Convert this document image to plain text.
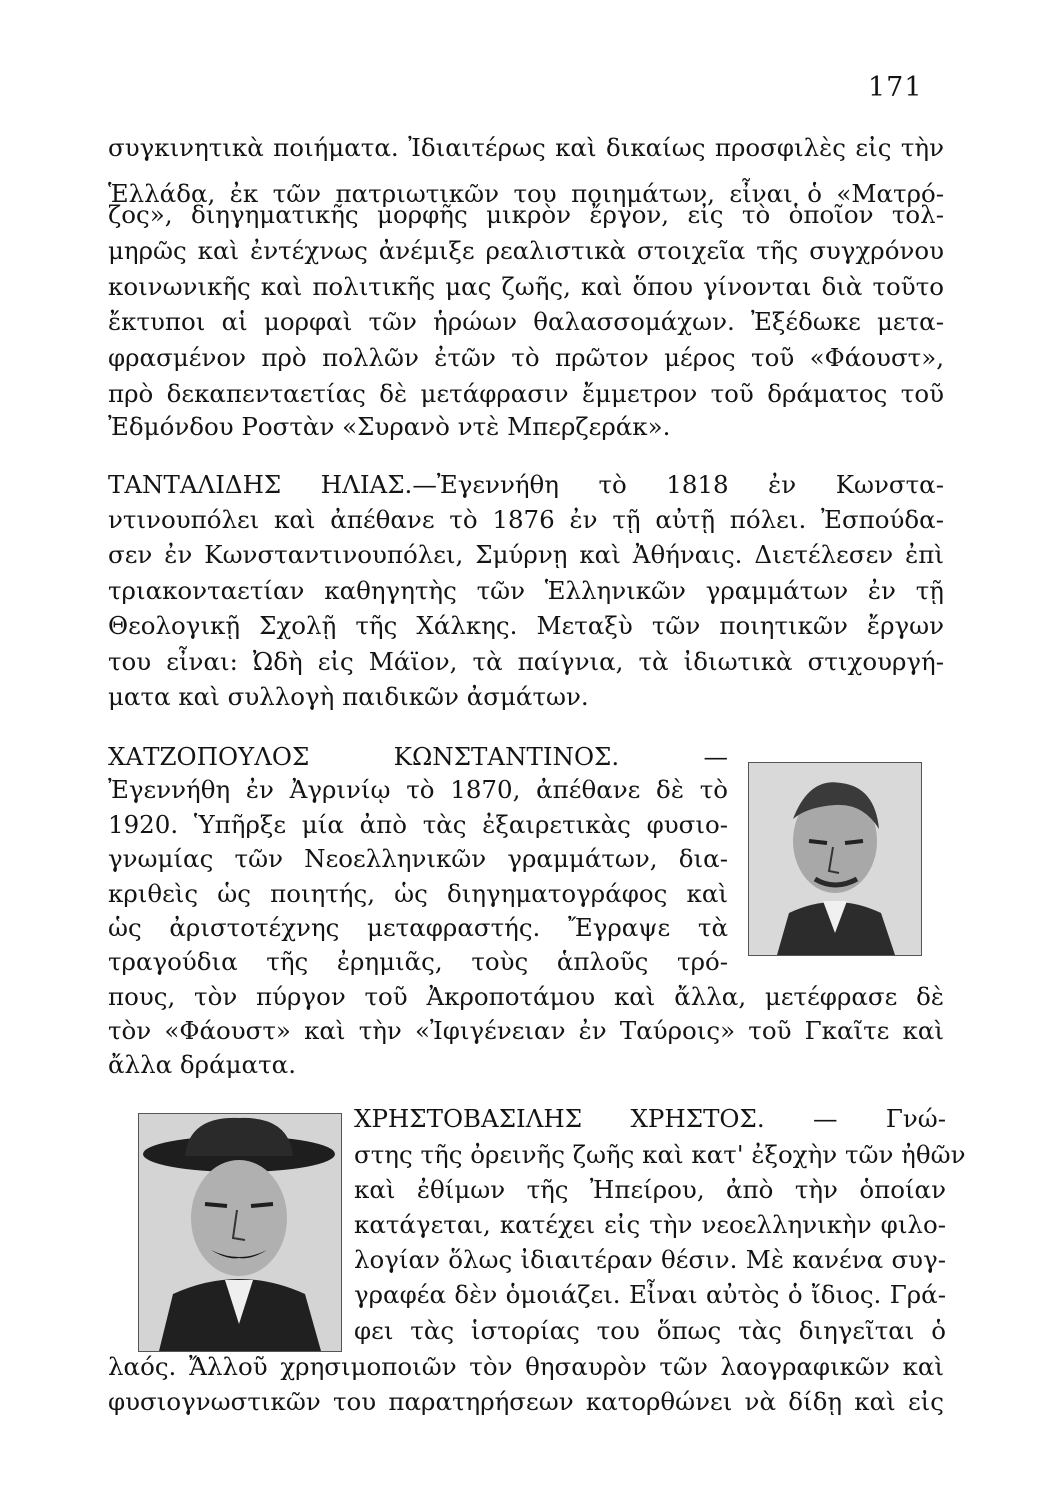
171
συγκινητικὰ ποιήματα. Ἰδιαιτέρως καὶ δικαίως προσφιλὲς εἰς τὴν
Ἑλλάδα, ἐκ τῶν πατριωτικῶν του ποιημάτων, εἶναι ὁ «Ματρό-
ζος», διηγηματικῆς μορφῆς μικρὸν ἔργον, εἰς τὸ ὁποῖον τολ-
μηρῶς καὶ ἐντέχνως ἀνέμιξε ρεαλιστικὰ στοιχεῖα τῆς συγχρόνου
κοινωνικῆς καὶ πολιτικῆς μας ζωῆς, καὶ ὅπου γίνονται διὰ τοῦτο
ἔκτυποι αἱ μορφαὶ τῶν ἡρώων θαλασσομάχων. Ἐξέδωκε μετα-
φρασμένον πρὸ πολλῶν ἐτῶν τὸ πρῶτον μέρος τοῦ «Φάουστ»,
πρὸ δεκαπενταετίας δὲ μετάφρασιν ἔμμετρον τοῦ δράματος τοῦ
Ἐδμόνδου Ροστὰν «Συρανὸ ντὲ Μπερζεράκ».
ΤΑΝΤΑΛΙΔΗΣ ΗΛΙΑΣ.—Ἐγεννήθη τὸ 1818 ἐν Κωνστα-
ντινουπόλει καὶ ἀπέθανε τὸ 1876 ἐν τῇ αὐτῇ πόλει. Ἐσπούδα-
σεν ἐν Κωνσταντινουπόλει, Σμύρνῃ καὶ Ἀθήναις. Διετέλεσεν ἐπὶ
τριακονταετίαν καθηγητὴς τῶν Ἑλληνικῶν γραμμάτων ἐν τῇ
Θεολογικῇ Σχολῇ τῆς Χάλκης. Μεταξὺ τῶν ποιητικῶν ἔργων
του εἶναι: Ὠδὴ εἰς Μάϊον, τὰ παίγνια, τὰ ἰδιωτικὰ στιχουργή-
ματα καὶ συλλογὴ παιδικῶν ἀσμάτων.
ΧΑΤΖΟΠΟΥΛΟΣ ΚΩΝΣΤΑΝΤΙΝΟΣ. —
Ἐγεννήθη ἐν Ἀγρινίῳ τὸ 1870, ἀπέθανε δὲ τὸ
1920. Ὑπῆρξε μία ἀπὸ τὰς ἐξαιρετικὰς φυσιο-
γνωμίας τῶν Νεοελληνικῶν γραμμάτων, δια-
κριθεὶς ὡς ποιητής, ὡς διηγηματογράφος καὶ
ὡς ἀριστοτέχνης μεταφραστής. Ἔγραψε τὰ
τραγούδια τῆς ἐρημιᾶς, τοὺς ἁπλοῦς τρό-
πους, τὸν πύργον τοῦ Ἀκροποτάμου καὶ ἄλλα, μετέφρασε δὲ
τὸν «Φάουστ» καὶ τὴν «Ἰφιγένειαν ἐν Ταύροις» τοῦ Γκαῖτε καὶ
ἄλλα δράματα.
ΧΡΗΣΤΟΒΑΣΙΛΗΣ ΧΡΗΣΤΟΣ. — Γνώ-
στης τῆς ὀρεινῆς ζωῆς καὶ κατ' ἐξοχὴν τῶν ἠθῶν
καὶ ἐθίμων τῆς Ἠπείρου, ἀπὸ τὴν ὁποίαν
κατάγεται, κατέχει εἰς τὴν νεοελληνικὴν φιλο-
λογίαν ὅλως ἰδιαιτέραν θέσιν. Μὲ κανένα συγ-
γραφέα δὲν ὁμοιάζει. Εἶναι αὐτὸς ὁ ἴδιος. Γρά-
φει τὰς ἱστορίας του ὅπως τὰς διηγεῖται ὁ
λαός. Ἄλλοῦ χρησιμοποιῶν τὸν θησαυρὸν τῶν λαογραφικῶν καὶ
φυσιογνωστικῶν του παρατηρήσεων κατορθώνει νὰ δίδῃ καὶ εἰς
